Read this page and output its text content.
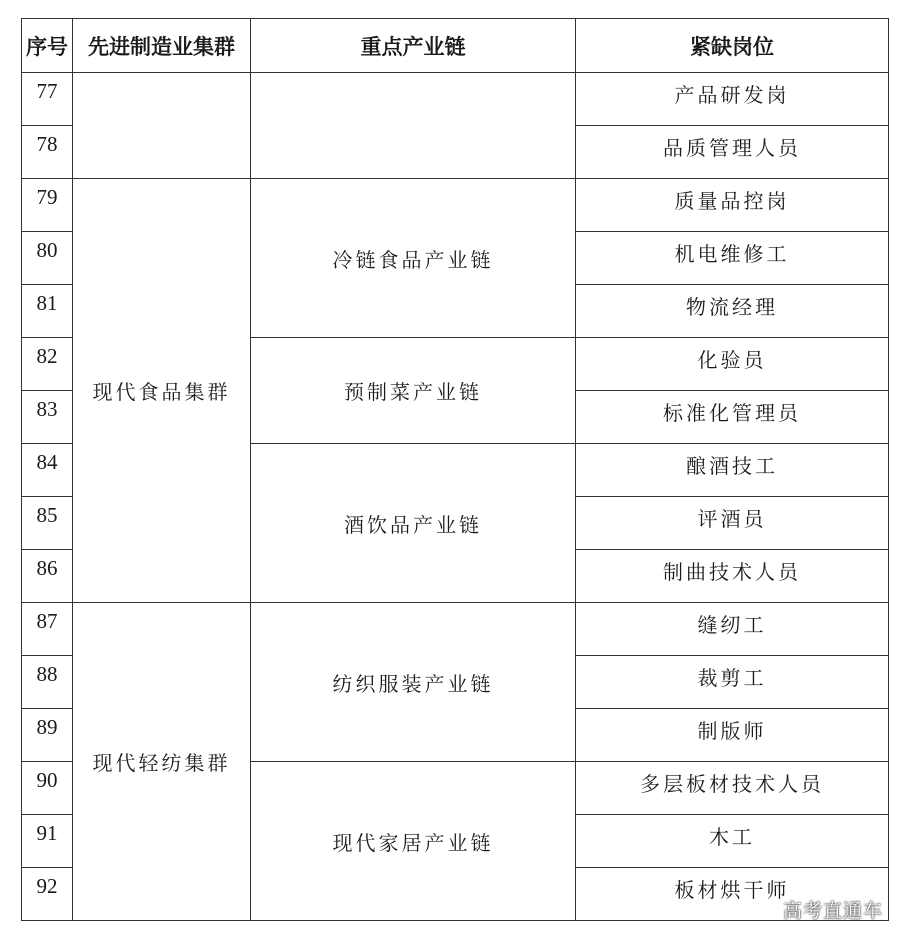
序号	先进制造业集群	重点产业链	紧缺岗位
77			产品研发岗
78			品质管理人员
79	现代食品集群	冷链食品产业链	质量品控岗
80			机电维修工
81			物流经理
82		预制菜产业链	化验员
83			标准化管理员
84		酒饮品产业链	酿酒技工
85			评酒员
86			制曲技术人员
87	现代轻纺集群	纺织服装产业链	缝纫工
88			裁剪工
89			制版师
90		现代家居产业链	多层板材技术人员
91			木工
92			板材烘干师
高考直通车
